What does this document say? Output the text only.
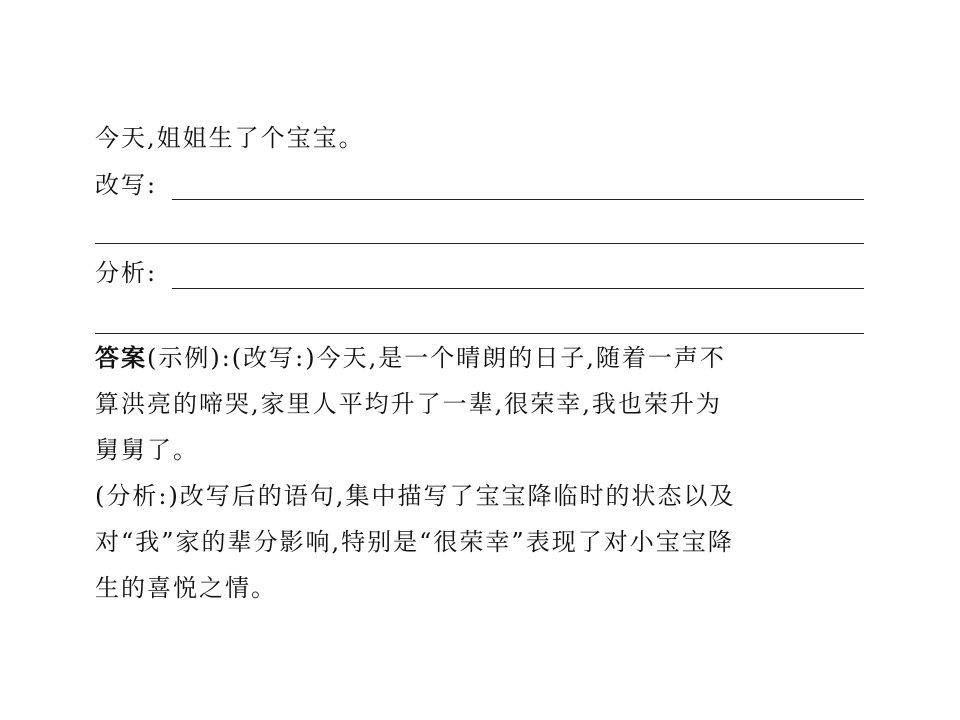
今天,姐姐生了个宝宝。
改写:
分析:
答案(示例):(改写:)今天,是一个晴朗的日子,随着一声不
算洪亮的啼哭,家里人平均升了一辈,很荣幸,我也荣升为
舅舅了。
(分析:)改写后的语句,集中描写了宝宝降临时的状态以及
对“我”家的辈分影响,特别是“很荣幸”表现了对小宝宝降
生的喜悦之情。
